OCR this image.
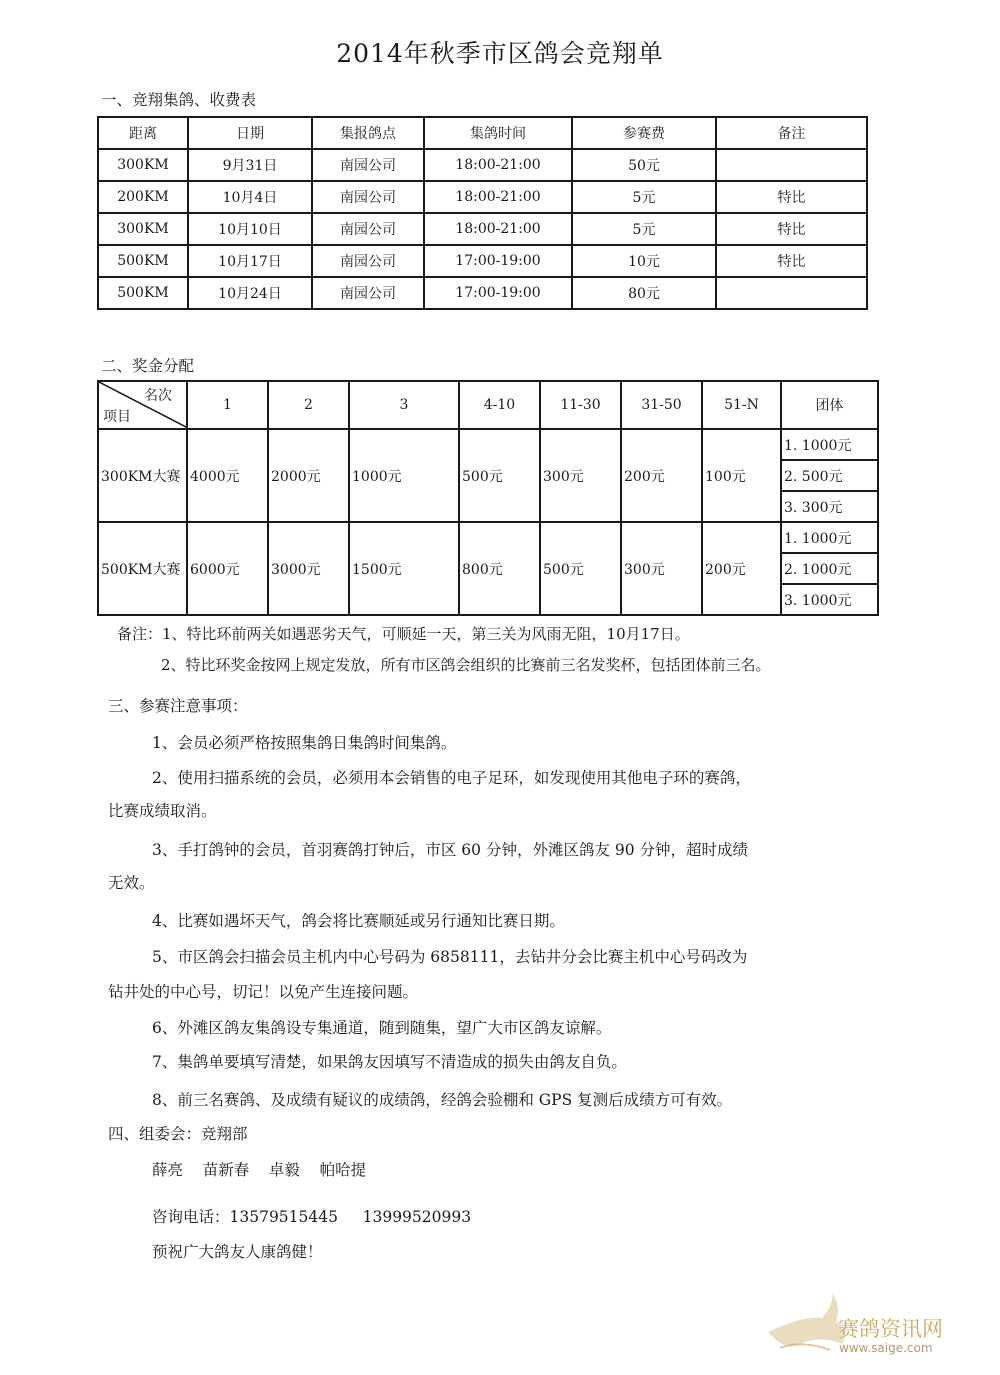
2014年秋季市区鸽会竞翔单
一、竞翔集鸽、收费表
距离	日期	集报鸽点	集鸽时间	参赛费	备注
300KM	9月31日	南园公司	18:00-21:00	50元	
200KM	10月4日	南园公司	18:00-21:00	5元	特比
300KM	10月10日	南园公司	18:00-21:00	5元	特比
500KM	10月17日	南园公司	17:00-19:00	10元	特比
500KM	10月24日	南园公司	17:00-19:00	80元	
二、奖金分配
名次
项目	1	2	3	4-10	11-30	31-50	51-N	团体
300KM大赛	4000元	2000元	1000元	500元	300元	200元	100元	1. 1000元
								2. 500元
								3. 300元
500KM大赛	6000元	3000元	1500元	800元	500元	300元	200元	1. 1000元
								2. 1000元
								3. 1000元
备注：1、特比环前两关如遇恶劣天气，可顺延一天，第三关为风雨无阻，10月17日。
2、特比环奖金按网上规定发放，所有市区鸽会组织的比赛前三名发奖杯，包括团体前三名。
三、参赛注意事项：
1、会员必须严格按照集鸽日集鸽时间集鸽。
2、使用扫描系统的会员，必须用本会销售的电子足环，如发现使用其他电子环的赛鸽，
比赛成绩取消。
3、手打鸽钟的会员，首羽赛鸽打钟后，市区 60 分钟，外滩区鸽友 90 分钟，超时成绩
无效。
4、比赛如遇坏天气，鸽会将比赛顺延或另行通知比赛日期。
5、市区鸽会扫描会员主机内中心号码为 6858111，去钻井分会比赛主机中心号码改为
钻井处的中心号，切记！以免产生连接问题。
6、外滩区鸽友集鸽设专集通道，随到随集，望广大市区鸽友谅解。
7、集鸽单要填写清楚，如果鸽友因填写不清造成的损失由鸽友自负。
8、前三名赛鸽、及成绩有疑议的成绩鸽，经鸽会验棚和 GPS 复测后成绩方可有效。
四、组委会：竞翔部
薛亮    苗新春    卓毅    帕哈提
咨询电话：13579515445     13999520993
预祝广大鸽友人康鸽健！
赛鸽资讯网
www.saige.com
